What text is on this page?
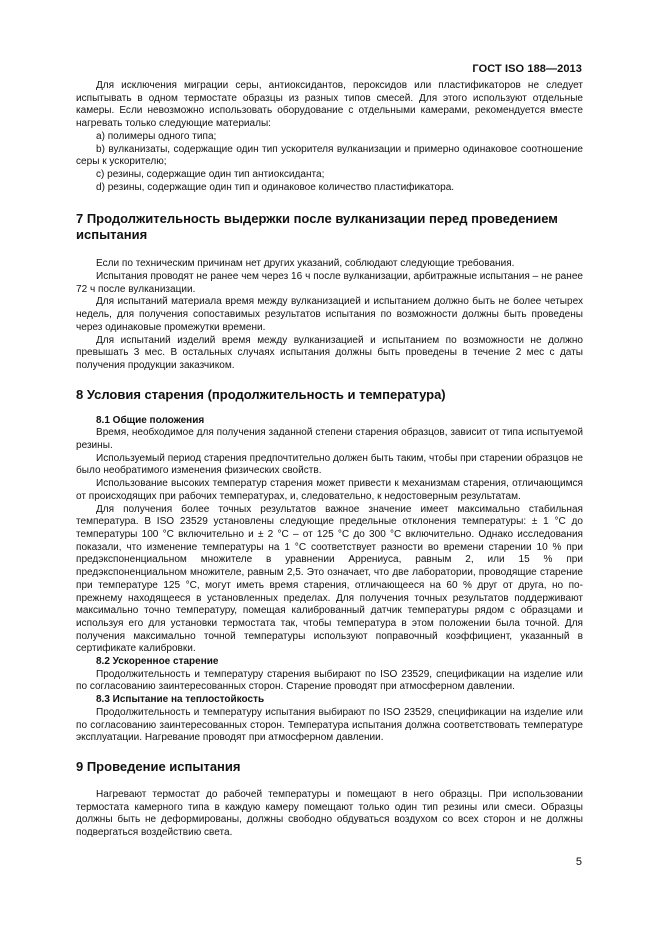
ГОСТ ISO 188—2013

Для исключения миграции серы, антиоксидантов, пероксидов или пластификаторов не следует испытывать в одном термостате образцы из разных типов смесей. Для этого используют отдельные камеры. Если невозможно использовать оборудование с отдельными камерами, рекомендуется вместе нагревать только следующие материалы:

a) полимеры одного типа;

b) вулканизаты, содержащие один тип ускорителя вулканизации и примерно одинаковое соотношение серы к ускорителю;

c) резины, содержащие один тип антиоксиданта;

d) резины, содержащие один тип и одинаковое количество пластификатора.

7 Продолжительность выдержки после вулканизации перед проведением испытания

Если по техническим причинам нет других указаний, соблюдают следующие требования.

Испытания проводят не ранее чем через 16 ч после вулканизации, арбитражные испытания – не ранее 72 ч после вулканизации.

Для испытаний материала время между вулканизацией и испытанием должно быть не более четырех недель, для получения сопоставимых результатов испытания по возможности должны быть проведены через одинаковые промежутки времени.

Для испытаний изделий время между вулканизацией и испытанием по возможности не должно превышать 3 мес. В остальных случаях испытания должны быть проведены в течение 2 мес с даты получения продукции заказчиком.

8 Условия старения (продолжительность и температура)
8.1 Общие положения

Время, необходимое для получения заданной степени старения образцов, зависит от типа испытуемой резины.

Используемый период старения предпочтительно должен быть таким, чтобы при старении образцов не было необратимого изменения физических свойств.

Использование высоких температур старения может привести к механизмам старения, отличающимся от происходящих при рабочих температурах, и, следовательно, к недостоверным результатам.

Для получения более точных результатов важное значение имеет максимально стабильная температура. В ISO 23529 установлены следующие предельные отклонения температуры: ± 1 °С до температуры 100 °С включительно и ± 2 °С – от 125 °С до 300 °С включительно. Однако исследования показали, что изменение температуры на 1 °С соответствует разности во времени старении 10 % при предэкспоненциальном множителе в уравнении Аррениуса, равным 2, или 15 % при предэкспоненциальном множителе, равным 2,5. Это означает, что две лаборатории, проводящие старение при температуре 125 °С, могут иметь время старения, отличающееся на 60 % друг от друга, но по-прежнему находящееся в установленных пределах. Для получения точных результатов поддерживают максимально точно температуру, помещая калиброванный датчик температуры рядом с образцами и используя его для установки термостата так, чтобы температура в этом положении была точной. Для получения максимально точной температуры используют поправочный коэффициент, указанный в сертификате калибровки.

8.2 Ускоренное старение

Продолжительность и температуру старения выбирают по ISO 23529, спецификации на изделие или по согласованию заинтересованных сторон. Старение проводят при атмосферном давлении.

8.3 Испытание на теплостойкость

Продолжительность и температуру испытания выбирают по ISO 23529, спецификации на изделие или по согласованию заинтересованных сторон. Температура испытания должна соответствовать температуре эксплуатации. Нагревание проводят при атмосферном давлении.

9 Проведение испытания

Нагревают термостат до рабочей температуры и помещают в него образцы. При использовании термостата камерного типа в каждую камеру помещают только один тип резины или смеси. Образцы должны быть не деформированы, должны свободно обдуваться воздухом со всех сторон и не должны подвергаться воздействию света.

5
